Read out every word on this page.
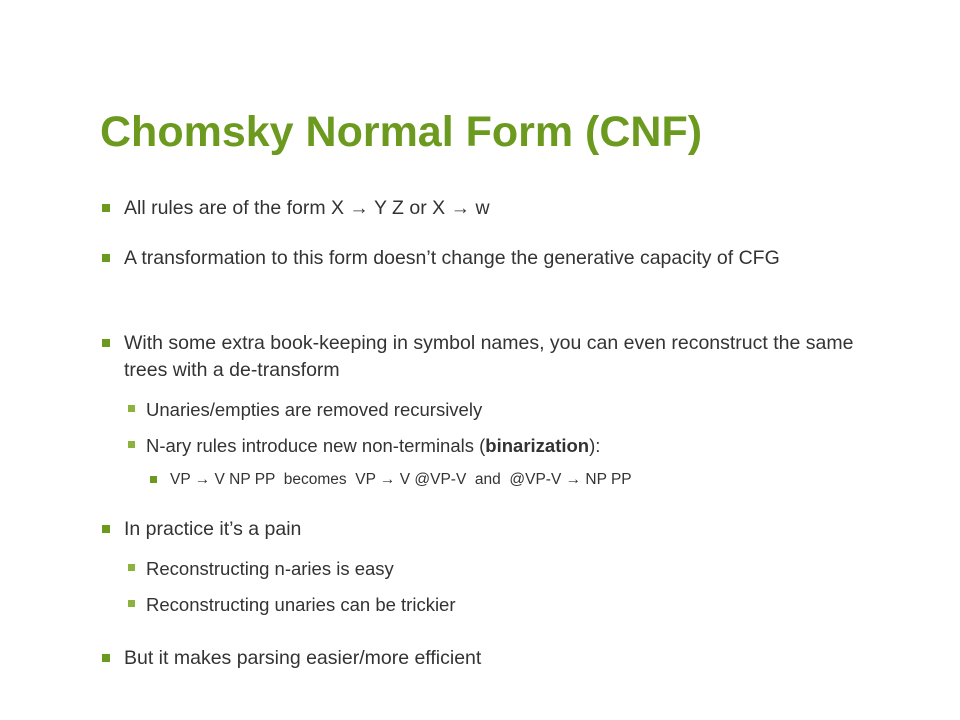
Chomsky Normal Form (CNF)
All rules are of the form X → Y Z or X → w
A transformation to this form doesn’t change the generative capacity of CFG
With some extra book-keeping in symbol names, you can even reconstruct the same trees with a de-transform
Unaries/empties are removed recursively
N-ary rules introduce new non-terminals (binarization):
VP → V NP PP  becomes  VP → V @VP-V  and  @VP-V → NP PP
In practice it’s a pain
Reconstructing n-aries is easy
Reconstructing unaries can be trickier
But it makes parsing easier/more efficient
